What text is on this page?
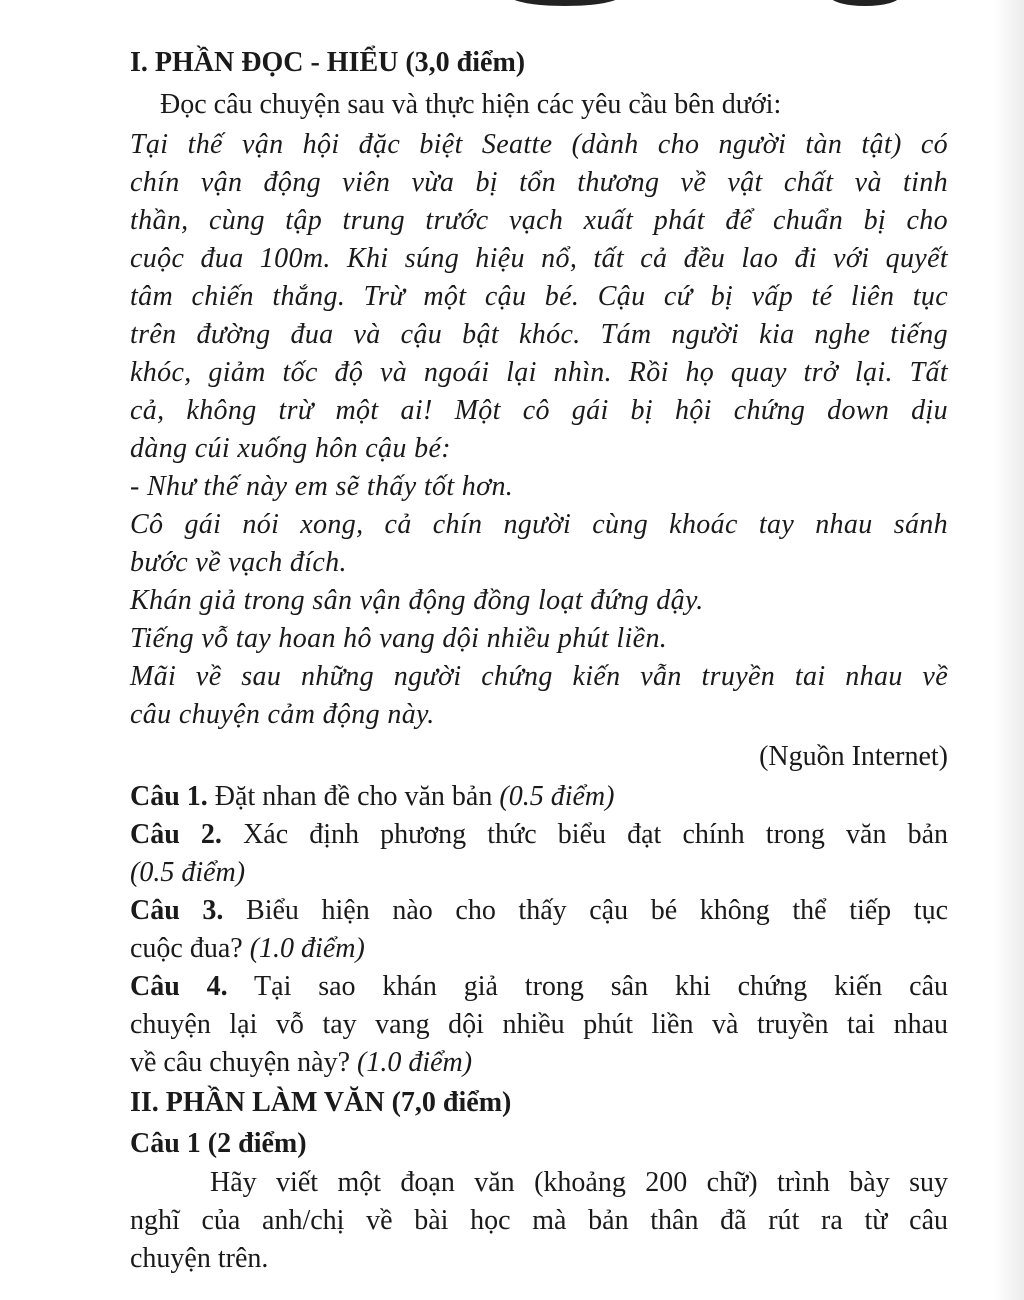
I. PHẦN ĐỌC - HIỂU (3,0 điểm)
Đọc câu chuyện sau và thực hiện các yêu cầu bên dưới:
Tại thế vận hội đặc biệt Seatte (dành cho người tàn tật) có
chín vận động viên vừa bị tổn thương về vật chất và tinh
thần, cùng tập trung trước vạch xuất phát để chuẩn bị cho
cuộc đua 100m. Khi súng hiệu nổ, tất cả đều lao đi với quyết
tâm chiến thắng. Trừ một cậu bé. Cậu cứ bị vấp té liên tục
trên đường đua và cậu bật khóc. Tám người kia nghe tiếng
khóc, giảm tốc độ và ngoái lại nhìn. Rồi họ quay trở lại. Tất
cả, không trừ một ai! Một cô gái bị hội chứng down dịu
dàng cúi xuống hôn cậu bé:
- Như thế này em sẽ thấy tốt hơn.
Cô gái nói xong, cả chín người cùng khoác tay nhau sánh
bước về vạch đích.
Khán giả trong sân vận động đồng loạt đứng dậy.
Tiếng vỗ tay hoan hô vang dội nhiều phút liền.
Mãi về sau những người chứng kiến vẫn truyền tai nhau về
câu chuyện cảm động này.
(Nguồn Internet)
Câu 1. Đặt nhan đề cho văn bản (0.5 điểm)
Câu 2. Xác định phương thức biểu đạt chính trong văn bản
(0.5 điểm)
Câu 3. Biểu hiện nào cho thấy cậu bé không thể tiếp tục
cuộc đua? (1.0 điểm)
Câu 4. Tại sao khán giả trong sân khi chứng kiến câu
chuyện lại vỗ tay vang dội nhiều phút liền và truyền tai nhau
về câu chuyện này? (1.0 điểm)
II. PHẦN LÀM VĂN (7,0 điểm)
Câu 1 (2 điểm)
Hãy viết một đoạn văn (khoảng 200 chữ) trình bày suy
nghĩ của anh/chị về bài học mà bản thân đã rút ra từ câu
chuyện trên.
